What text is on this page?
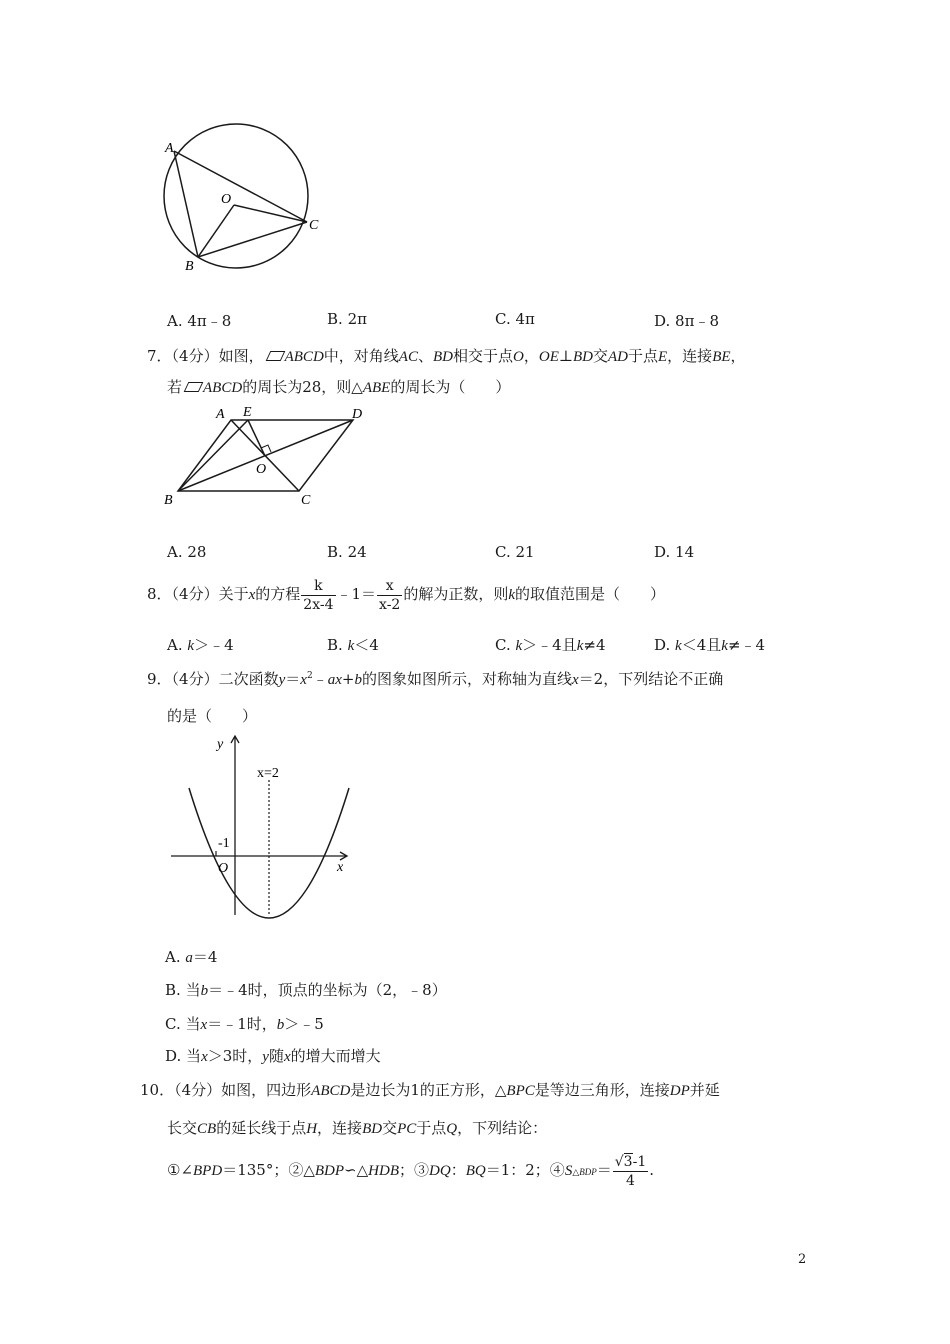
A
B
C
O
A. 4π﹣8	B. 2π	C. 4π	D. 8π﹣8
7．（4分）如图， ABCD中，对角线AC、BD相交于点O，OE⊥BD交AD于点E，连接BE，
若 ABCD的周长为28，则△ABE的周长为（　　）
A E	D
O
B	C
A. 28	B. 24	C. 21	D. 14
8．（4分）关于x的方程 $\frac{k}{2x-4}$ ﹣1＝ $\frac{x}{x-2}$ 的解为正数，则k的取值范围是（　　）
A. k＞﹣4	B. k＜4	C. k＞﹣4且k≠4	D. k＜4且k≠﹣4
9．（4分）二次函数$y=x^2﹣ax+b$的图象如图所示，对称轴为直线x＝2，下列结论不正确
的是（　　）
y
x
x=2
-1
O
A. a＝4
B. 当b＝﹣4时，顶点的坐标为（2，﹣8）
C. 当x＝﹣1时，b＞﹣5
D. 当x＞3时，y随x的增大而增大
10．（4分）如图，四边形ABCD是边长为1的正方形，△BPC是等边三角形，连接DP并延
长交CB的延长线于点H，连接BD交PC于点Q，下列结论：
①∠BPD＝135°；②△BDP∽△HDB；③DQ：BQ＝1：2；④S△BDP＝ $\frac{√3-1}{4}$ .
2
